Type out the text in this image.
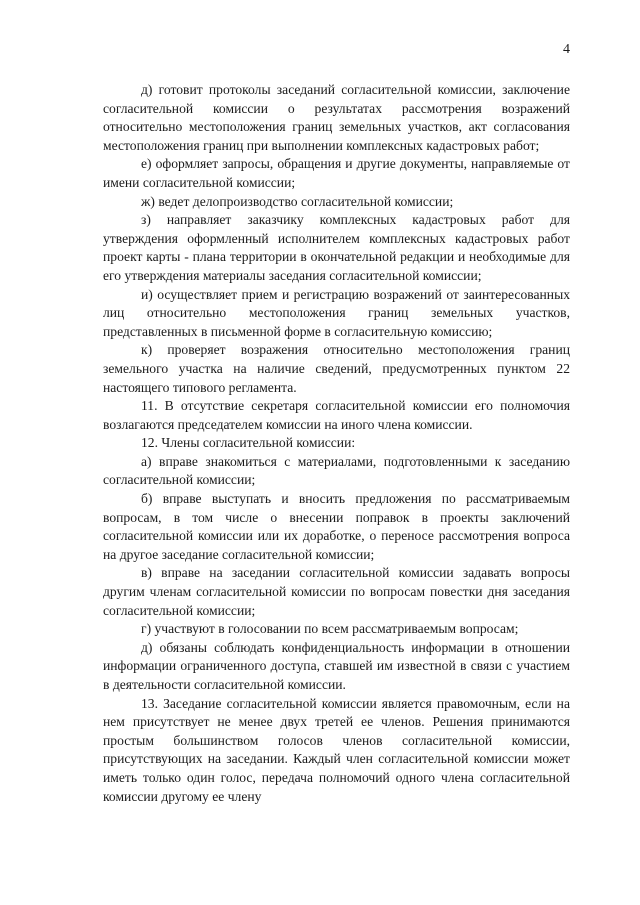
4

д) готовит протоколы заседаний согласительной комиссии, заключение согласительной комиссии о результатах рассмотрения возражений относительно местоположения границ земельных участков, акт согласования местоположения границ при выполнении комплексных кадастровых работ;

е) оформляет запросы, обращения и другие документы, направляемые от имени согласительной комиссии;

ж) ведет делопроизводство согласительной комиссии;

з) направляет заказчику комплексных кадастровых работ для утверждения оформленный исполнителем комплексных кадастровых работ проект карты - плана территории в окончательной редакции и необходимые для его утверждения материалы заседания согласительной комиссии;

и) осуществляет прием и регистрацию возражений от заинтересованных лиц относительно местоположения границ земельных участков, представленных в письменной форме в согласительную комиссию;

к) проверяет возражения относительно местоположения границ земельного участка на наличие сведений, предусмотренных пунктом 22 настоящего типового регламента.

11. В отсутствие секретаря согласительной комиссии его полномочия возлагаются председателем комиссии на иного члена комиссии.

12. Члены согласительной комиссии:

а) вправе знакомиться с материалами, подготовленными к заседанию согласительной комиссии;

б) вправе выступать и вносить предложения по рассматриваемым вопросам, в том числе о внесении поправок в проекты заключений согласительной комиссии или их доработке, о переносе рассмотрения вопроса на другое заседание согласительной комиссии;

в) вправе на заседании согласительной комиссии задавать вопросы другим членам согласительной комиссии по вопросам повестки дня заседания согласительной комиссии;

г) участвуют в голосовании по всем рассматриваемым вопросам;

д) обязаны соблюдать конфиденциальность информации в отношении информации ограниченного доступа, ставшей им известной в связи с участием в деятельности согласительной комиссии.

13. Заседание согласительной комиссии является правомочным, если на нем присутствует не менее двух третей ее членов. Решения принимаются простым большинством голосов членов согласительной комиссии, присутствующих на заседании. Каждый член согласительной комиссии может иметь только один голос, передача полномочий одного члена согласительной комиссии другому ее члену
